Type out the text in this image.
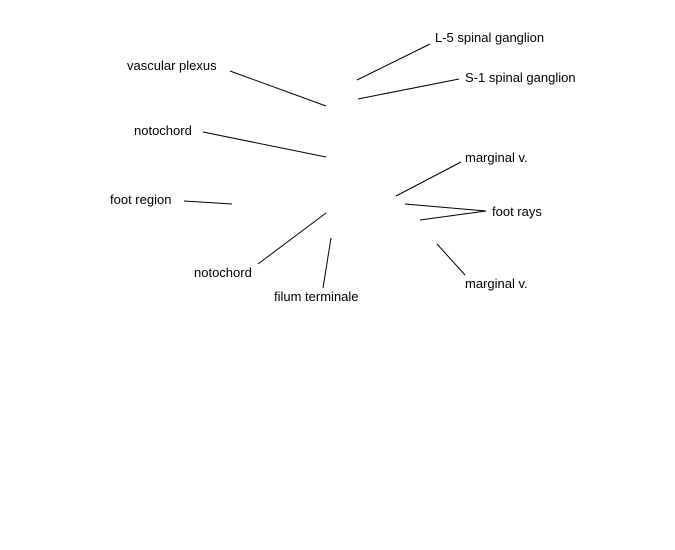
L-5 spinal ganglion
S-1 spinal ganglion
vascular plexus
notochord
marginal v.
foot region
foot rays
notochord
marginal v.
filum terminale
